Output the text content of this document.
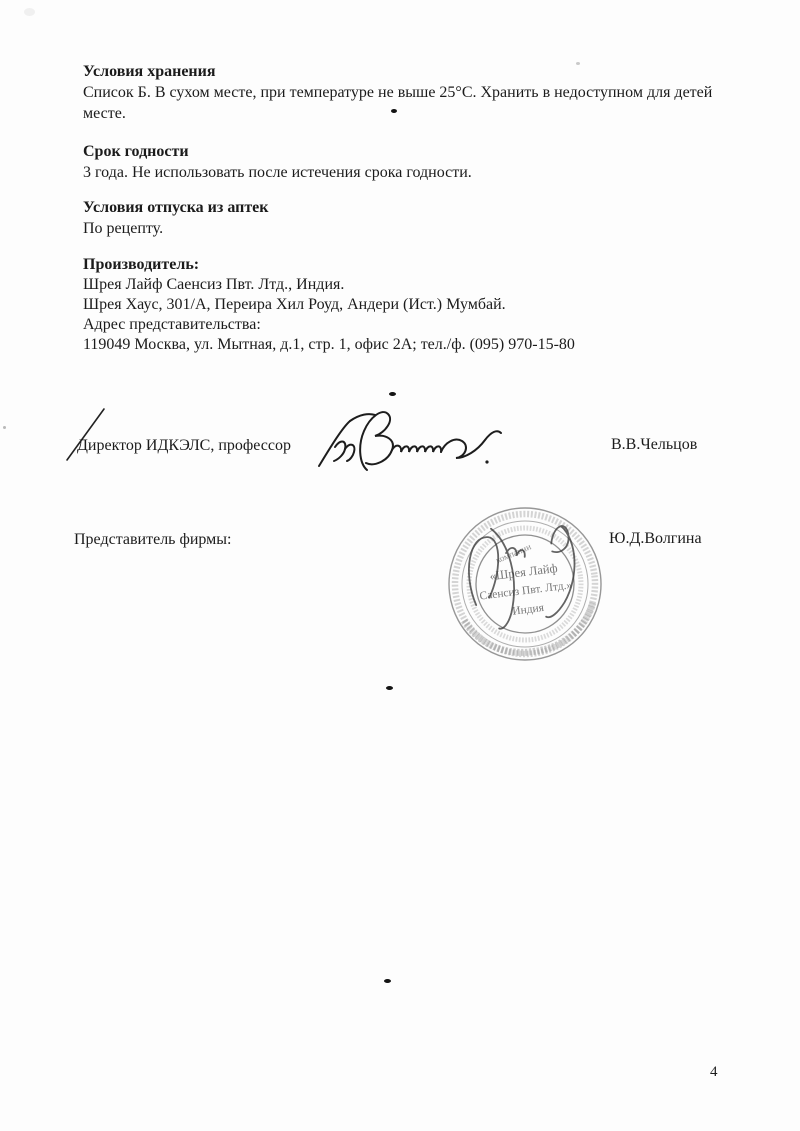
Условия хранения
Список Б. В сухом месте, при температуре не выше 25°С. Хранить в недоступном для детей
месте.
Срок годности
3 года. Не использовать после истечения срока годности.
Условия отпуска из аптек
По рецепту.
Производитель:
Шрея Лайф Саенсиз Пвт. Лтд., Индия.
Шрея Хаус, 301/А, Переира Хил Роуд, Андери (Ист.) Мумбай.
Адрес представительства:
119049 Москва, ул. Мытная, д.1, стр. 1, офис 2А; тел./ф. (095) 970-15-80
Директор ИДКЭЛС, профессор	В.В.Чельцов
Представитель фирмы:	Ю.Д.Волгина
компании
«Шрея Лайф
Саенсиз Пвт. Лтд.»
Индия
4
